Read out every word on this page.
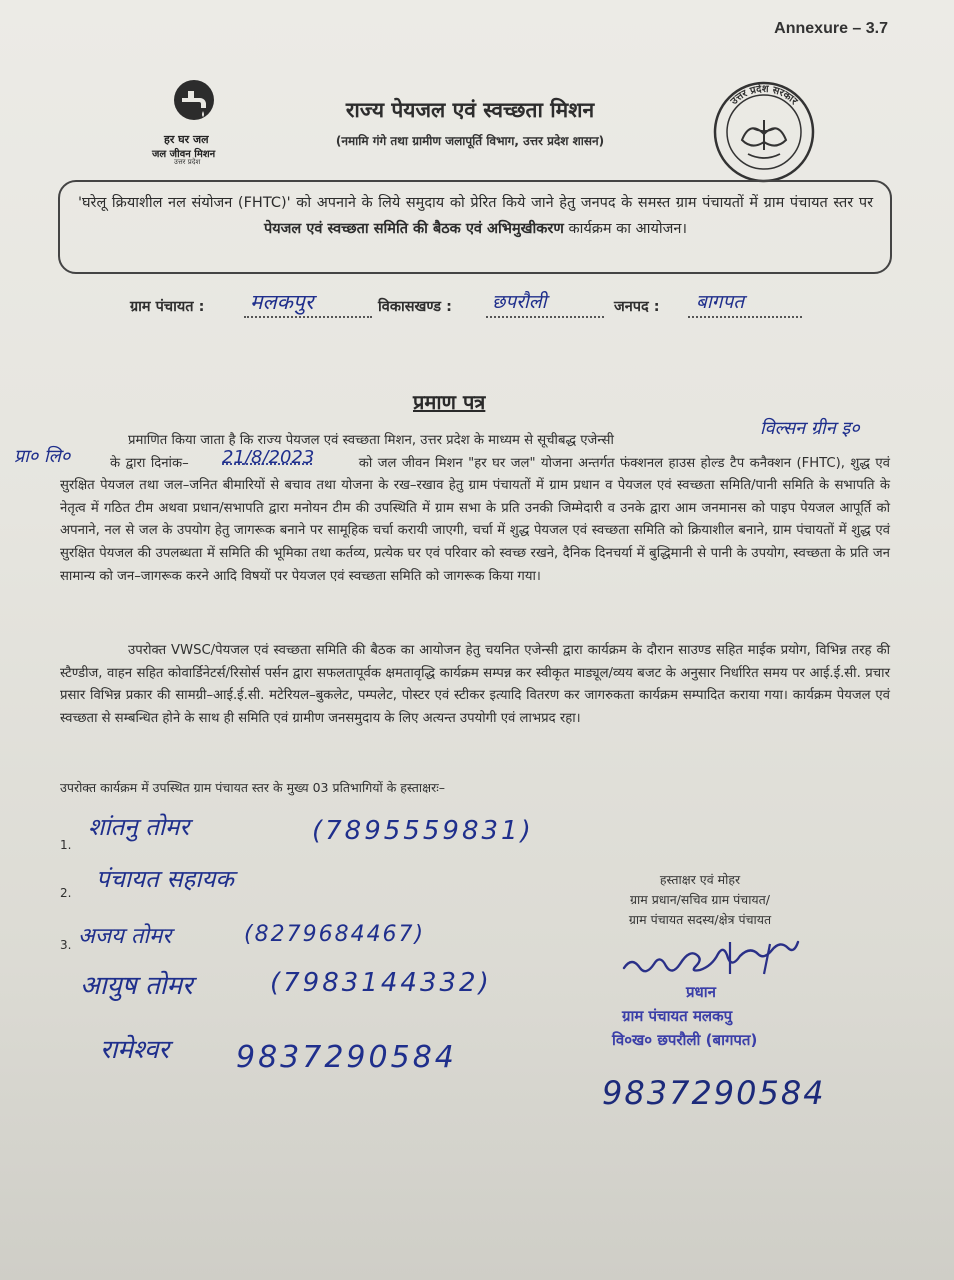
Annexure – 3.7
हर घर जल
जल जीवन मिशन
उत्तर प्रदेश
राज्य पेयजल एवं स्वच्छता मिशन
(नमामि गंगे तथा ग्रामीण जलापूर्ति विभाग, उत्तर प्रदेश शासन)
उत्तर प्रदेश सरकार
'घरेलू क्रियाशील नल संयोजन (FHTC)' को अपनाने के लिये समुदाय को प्रेरित किये जाने हेतु जनपद के समस्त ग्राम पंचायतों में ग्राम पंचायत स्तर पर पेयजल एवं स्वच्छता समिति की बैठक एवं अभिमुखीकरण कार्यक्रम का आयोजन।
ग्राम पंचायत : मलकपुर	विकासखण्ड : छपरौली	जनपद : बागपत
प्रमाण पत्र
विल्सन ग्रीन इ०
प्रा० लि०	21/8/2023
प्रमाणित किया जाता है कि राज्य पेयजल एवं स्वच्छता मिशन, उत्तर प्रदेश के माध्यम से सूचीबद्ध एजेन्सी
के द्वारा दिनांक–	को जल जीवन मिशन "हर घर जल" योजना अन्तर्गत फंक्शनल हाउस होल्ड टैप कनैक्शन (FHTC), शुद्ध एवं सुरक्षित पेयजल तथा जल–जनित बीमारियों से बचाव तथा योजना के रख–रखाव हेतु ग्राम पंचायतों में ग्राम प्रधान व पेयजल एवं स्वच्छता समिति/पानी समिति के सभापति के नेतृत्व में गठित टीम अथवा प्रधान/सभापति द्वारा मनोयन टीम की उपस्थिति में ग्राम सभा के प्रति उनकी जिम्मेदारी व उनके द्वारा आम जनमानस को पाइप पेयजल आपूर्ति को अपनाने, नल से जल के उपयोग हेतु जागरूक बनाने पर सामूहिक चर्चा करायी जाएगी, चर्चा में शुद्ध पेयजल एवं स्वच्छता समिति को क्रियाशील बनाने, ग्राम पंचायतों में शुद्ध एवं सुरक्षित पेयजल की उपलब्धता में समिति की भूमिका तथा कर्तव्य, प्रत्येक घर एवं परिवार को स्वच्छ रखने, दैनिक दिनचर्या में बुद्धिमानी से पानी के उपयोग, स्वच्छता के प्रति जन सामान्य को जन–जागरूक करने आदि विषयों पर पेयजल एवं स्वच्छता समिति को जागरूक किया गया।
उपरोक्त VWSC/पेयजल एवं स्वच्छता समिति की बैठक का आयोजन हेतु चयनित एजेन्सी द्वारा कार्यक्रम के दौरान साउण्ड सहित माईक प्रयोग, विभिन्न तरह की स्टैण्डीज, वाहन सहित कोवार्डिनेटर्स/रिसोर्स पर्सन द्वारा सफलतापूर्वक क्षमतावृद्धि कार्यक्रम सम्पन्न कर स्वीकृत माड्यूल/व्यय बजट के अनुसार निर्धारित समय पर आई.ई.सी. प्रचार प्रसार विभिन्न प्रकार की सामग्री–आई.ई.सी. मटेरियल–बुकलेट, पम्पलेट, पोस्टर एवं स्टीकर इत्यादि वितरण कर जागरुकता कार्यक्रम सम्पादित कराया गया। कार्यक्रम पेयजल एवं स्वच्छता से सम्बन्धित होने के साथ ही समिति एवं ग्रामीण जनसमुदाय के लिए अत्यन्त उपयोगी एवं लाभप्रद रहा।
उपरोक्त कार्यक्रम में उपस्थित ग्राम पंचायत स्तर के मुख्य 03 प्रतिभागियों के हस्ताक्षरः–
1.
शांतनु तोमर	(7895559831)
2.	पंचायत सहायक
3. अजय तोमर	(8279684467)
आयुष तोमर	(7983144332)
रामेश्वर 9837290584
हस्ताक्षर एवं मोहर
ग्राम प्रधान/सचिव ग्राम पंचायत/
ग्राम पंचायत सदस्य/क्षेत्र पंचायत
प्रधान
ग्राम पंचायत मलकपु
वि०ख० छपरौली (बागपत)
9837290584
